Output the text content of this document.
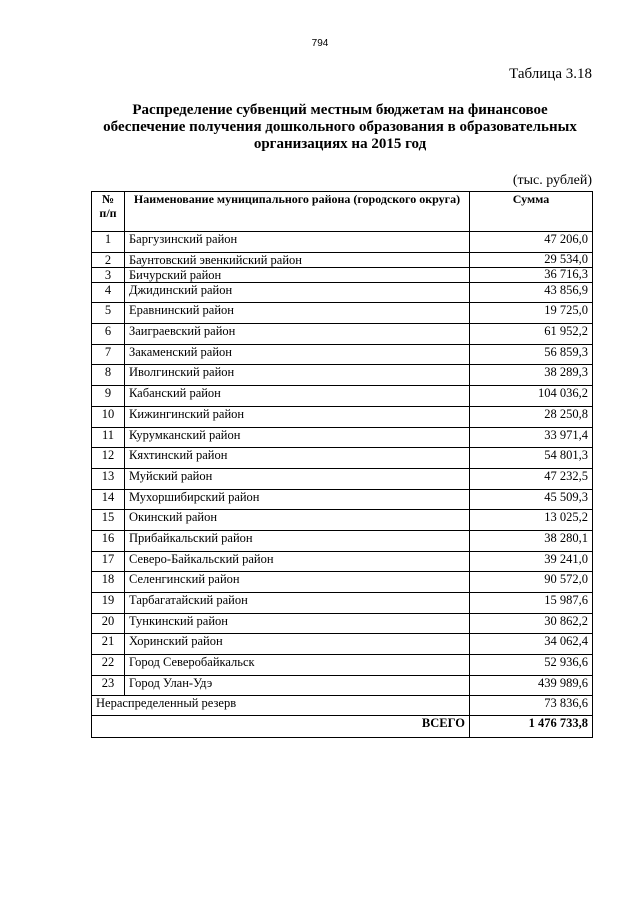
794
Таблица 3.18
Распределение субвенций местным бюджетам на финансовое
обеспечение получения дошкольного образования в образовательных
организациях на 2015 год
(тыс. рублей)
№ п/п	Наименование муниципального района (городского округа)	Сумма
1	Баргузинский район	47 206,0
2	Баунтовский эвенкийский район	29 534,0
3	Бичурский район	36 716,3
4	Джидинский район	43 856,9
5	Еравнинский район	19 725,0
6	Заиграевский район	61 952,2
7	Закаменский район	56 859,3
8	Иволгинский район	38 289,3
9	Кабанский район	104 036,2
10	Кижингинский район	28 250,8
11	Курумканский район	33 971,4
12	Кяхтинский район	54 801,3
13	Муйский район	47 232,5
14	Мухоршибирский район	45 509,3
15	Окинский район	13 025,2
16	Прибайкальский район	38 280,1
17	Северо-Байкальский район	39 241,0
18	Селенгинский район	90 572,0
19	Тарбагатайский район	15 987,6
20	Тункинский район	30 862,2
21	Хоринский район	34 062,4
22	Город Северобайкальск	52 936,6
23	Город Улан-Удэ	439 989,6
Нераспределенный резерв		73 836,6
ВСЕГО		1 476 733,8
